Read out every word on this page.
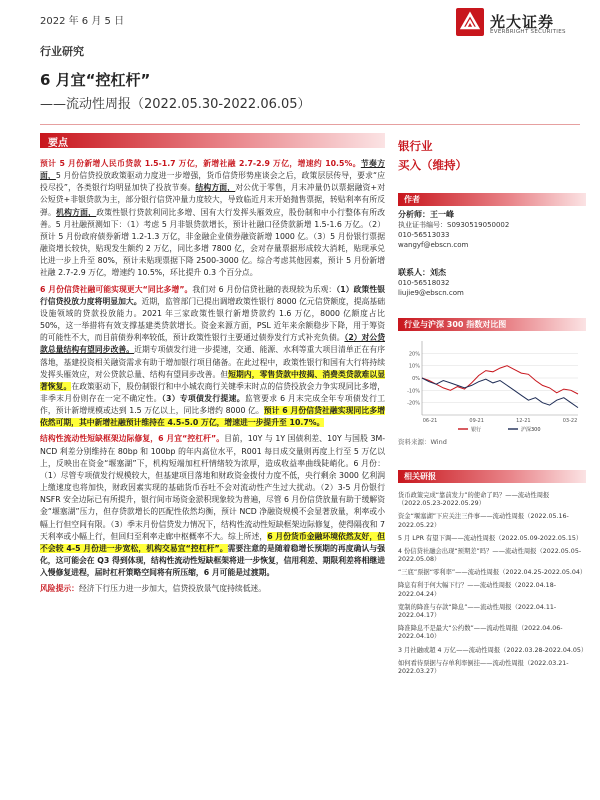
2022 年 6 月 5 日	光大证券
EVERBRIGHT SECURITIES
行业研究
6 月宜“控杠杆”
——流动性周报（2022.05.30-2022.06.05）
要点

预计 5 月份新增人民币贷款 1.5-1.7 万亿，新增社融 2.7-2.9 万亿，增速约 10.5%。节奏方面，5 月份信贷投放政策驱动力度进一步增强，货币信贷形势座谈会之后，政策层层传导，要求“应投尽投”，各类银行均明显加快了投放节奏。结构方面，对公优于零售，月末冲量仍以票据融资+对公短贷+非银贷款为主，部分银行信贷冲量力度较大，导致临近月末开始抛售票据，转贴利率有所反弹。机构方面，政策性银行贷款利同比多增、国有大行发挥头雁效应，股份制和中小行整体有所改善。5 月社融预测如下：（1）考虑 5 月非银贷款增长，预计社融口径贷款新增 1.5-1.6 万亿。（2）预计 5 月份政府债券新增 1.2-1.3 万亿，非金融企业债券融资新增 1000 亿。（3）5 月份银行票据融资增长较快，贴现发生额约 2 万亿，同比多增 7800 亿，会对存量票据形成较大消耗，贴现承兑比进一步上升至 80%，预计未贴现票据下降 2500-3000 亿。综合考虑其他因素，预计 5 月份新增社融 2.7-2.9 万亿，增速约 10.5%，环比提升 0.3 个百分点。

6 月份信贷社融可能实现更大“同比多增”。我们对 6 月份信贷社融的表现较为乐观：（1）政策性银行信贷投放力度将明显加大。近期，监管部门已提出调增政策性银行 8000 亿元信贷额度，提高基础设施领域的贷款投放能力。2021 年三家政策性银行新增贷款约 1.6 万亿，8000 亿额度占比 50%，这一举措将有效支撑基建类贷款增长。资金来源方面，PSL 近年来余额稳步下降，用于筹资的可能性不大，而目前债券利率较低，预计政策性银行主要通过债券发行方式补充负债。（2）对公贷款总量结构有望同步改善。近期专项债发行进一步提速，交通、能源、水利等重大项目清单正在有序落地，基建投资相关融资需求有助于增加银行项目储备。在此过程中，政策性银行和国有大行将持续发挥头雁效应，对公贷款总量、结构有望同步改善。但短期内，零售贷款中按揭、消费类贷款难以显著恢复。在政策驱动下，股份制银行和中小城农商行关键季末时点的信贷投放会力争实现同比多增，非季末月份则存在一定不确定性。（3）专项债发行提速。监管要求 6 月末完成全年专项债发行工作，预计新增规模或达到 1.5 万亿以上，同比多增约 8000 亿。预计 6 月份信贷社融实现同比多增依然可期，其中新增社融预计维持在 4.5-5.0 万亿，增速进一步提升至 10.7%。

结构性流动性短缺框架边际修复，6 月宜“控杠杆”。目前，10Y 与 1Y 国债利差、10Y 与国股 3M-NCD 利差分别维持在 80bp 和 100bp 的年内高位水平，R001 每日成交量则再度上行至 5 万亿以上，反映出在资金“堰塞湖”下，机构短端加杠杆情绪较为浓厚，造成收益率曲线陡峭化。6 月份：（1）尽管专项债发行规模较大，但基建项目落地和财政资金拨付力度不低，央行剩余 3000 亿利润上缴速度也将加快，财政因素实现的基础货币吞吐不会对流动性产生过大扰动。（2）3-5 月份银行 NSFR 安全边际已有所提升，银行间市场资金淤积现象较为普遍，尽管 6 月份信贷放量有助于缓解资金“堰塞湖”压力，但存贷款增长的匹配性依然均衡，预计 NCD 净融资规模不会显著放量，利率或小幅上行但空间有限。（3）季末月份信贷发力情况下，结构性流动性短缺框架边际修复，使得隔夜和 7 天利率或小幅上行，但回归至利率走廊中枢概率不大。综上所述，6 月份货币金融环境依然友好，但不会较 4-5 月份进一步宽松，机构交易宜“控杠杆”。需要注意的是随着稳增长预期的再度确认与强化，这可能会在 Q3 得到体现，结构性流动性短缺框架将进一步恢复，信用利差、期限利差将相继进入慢修复进程，届时杠杆策略空间将有所压缩，6 月可能是过渡期。

风险提示：经济下行压力进一步加大，信贷投放景气度持续低迷。

银行业
买入（维持）
作者
分析师：王一峰
执业证书编号：S0930519050002
010-56513033
wangyf@ebscn.com
联系人：刘杰
010-56518032
liujie9@ebscn.com
行业与沪深 300 指数对比图
20%
10%
0%
-10%
-20%
06-21	09-21	12-21	03-22
银行	沪深300
资料来源：Wind
相关研报
货币政策完成“靠前发力”的使命了吗？——流动性周报（2022.05.23-2022.05.29）
资金“堰塞湖”下应关注三件事——流动性周报（2022.05.16-2022.05.22）
5 月 LPR 有望下调——流动性周报（2022.05.09-2022.05.15）
4 份信贷社融会出现“预期差”吗？——流动性周报（2022.05.05-2022.05.08）
“三底”票据“零利率”——流动性周报（2022.04.25-2022.05.04）
降息有利于何大幅下行？——流动性周报（2022.04.18-2022.04.24）
宽制的降准与存款“降息”——流动性周报（2022.04.11-2022.04.17）
降准降息不是最大“公约数”——流动性周报（2022.04.06-2022.04.10）
3 月社融或超 4 万亿——流动性周报（2022.03.28-2022.04.05）
如何看待票据与存单利率倒挂——流动性周报（2022.03.21-2022.03.27）
